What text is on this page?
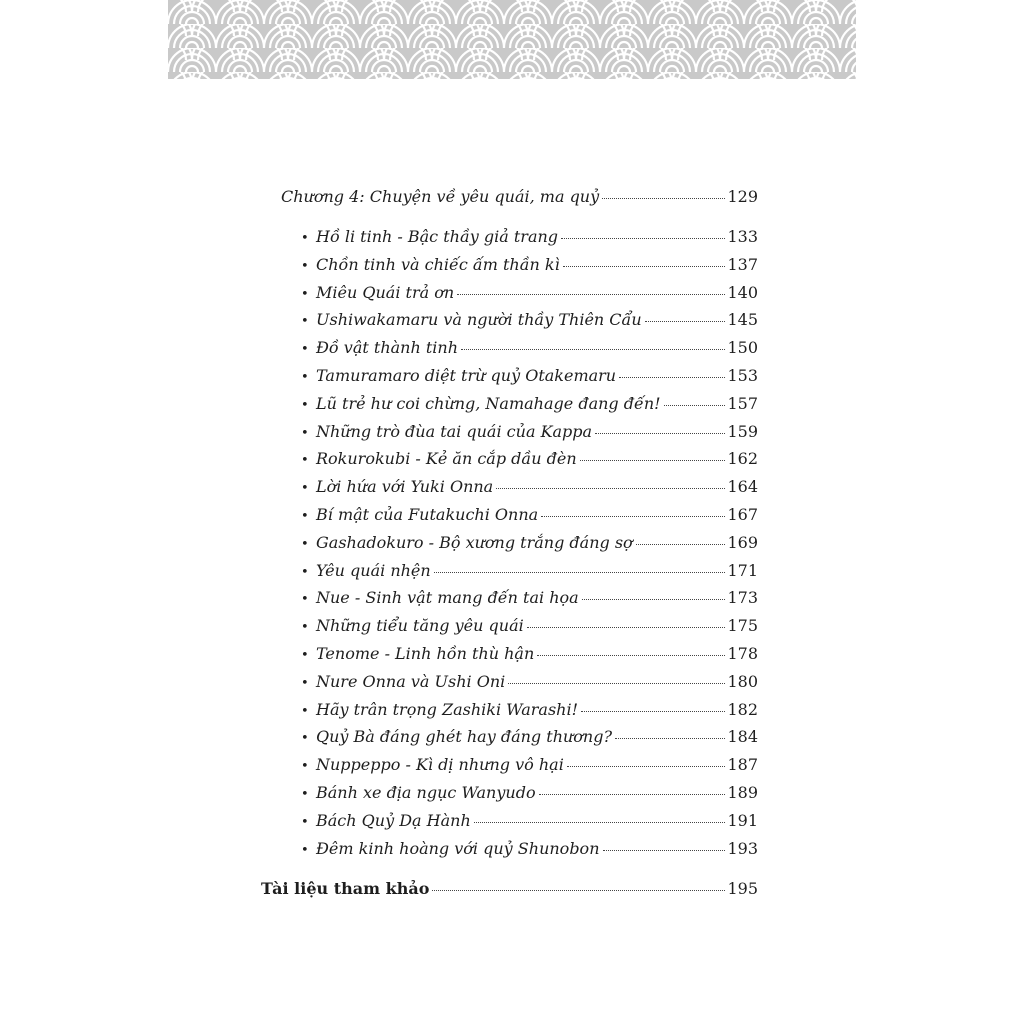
Chương 4: Chuyện về yêu quái, ma quỷ	129
• Hồ li tinh - Bậc thầy giả trang	133
• Chồn tinh và chiếc ấm thần kì	137
• Miêu Quái trả ơn	140
• Ushiwakamaru và người thầy Thiên Cẩu	145
• Đồ vật thành tinh	150
• Tamuramaro diệt trừ quỷ Otakemaru	153
• Lũ trẻ hư coi chừng, Namahage đang đến!	157
• Những trò đùa tai quái của Kappa	159
• Rokurokubi - Kẻ ăn cắp dầu đèn	162
• Lời hứa với Yuki Onna	164
• Bí mật của Futakuchi Onna	167
• Gashadokuro - Bộ xương trắng đáng sợ	169
• Yêu quái nhện	171
• Nue - Sinh vật mang đến tai họa	173
• Những tiểu tăng yêu quái	175
• Tenome - Linh hồn thù hận	178
• Nure Onna và Ushi Oni	180
• Hãy trân trọng Zashiki Warashi!	182
• Quỷ Bà đáng ghét hay đáng thương?	184
• Nuppeppo - Kì dị nhưng vô hại	187
• Bánh xe địa ngục Wanyudo	189
• Bách Quỷ Dạ Hành	191
• Đêm kinh hoàng với quỷ Shunobon	193
Tài liệu tham khảo	195
